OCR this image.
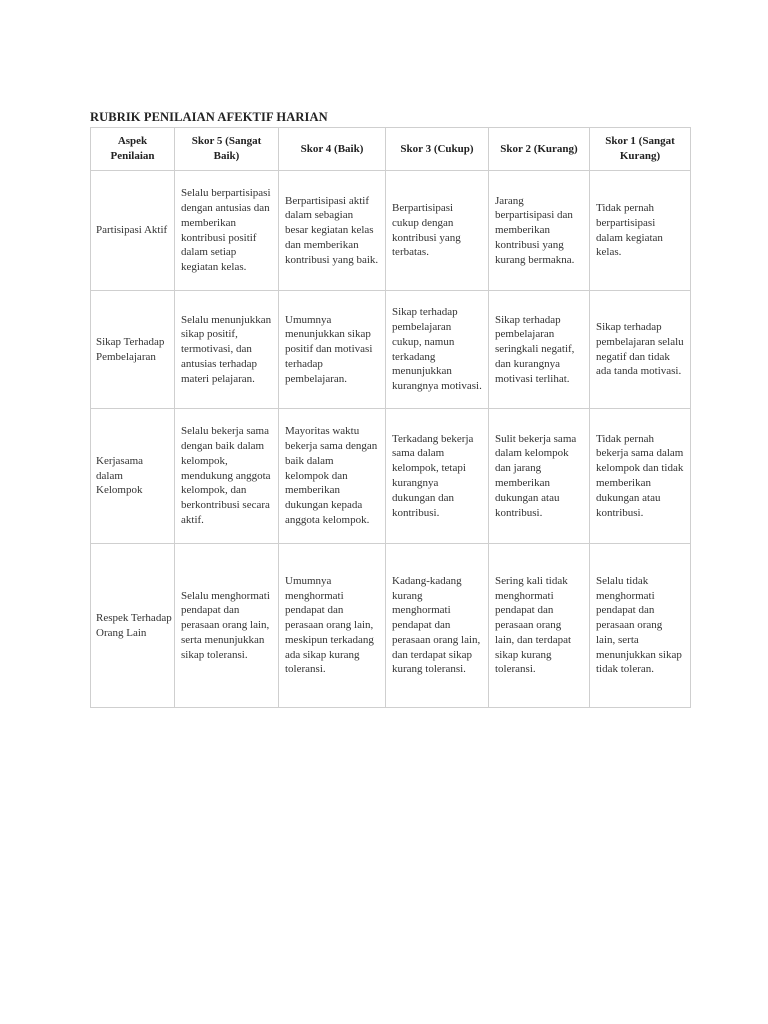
RUBRIK PENILAIAN AFEKTIF HARIAN
Aspek Penilaian	Skor 5 (Sangat Baik)	Skor 4 (Baik)	Skor 3 (Cukup)	Skor 2 (Kurang)	Skor 1 (Sangat Kurang)
Partisipasi Aktif	Selalu berpartisipasi dengan antusias dan memberikan kontribusi positif dalam setiap kegiatan kelas.	Berpartisipasi aktif dalam sebagian besar kegiatan kelas dan memberikan kontribusi yang baik.	Berpartisipasi cukup dengan kontribusi yang terbatas.	Jarang berpartisipasi dan memberikan kontribusi yang kurang bermakna.	Tidak pernah berpartisipasi dalam kegiatan kelas.
Sikap Terhadap Pembelajaran	Selalu menunjukkan sikap positif, termotivasi, dan antusias terhadap materi pelajaran.	Umumnya menunjukkan sikap positif dan motivasi terhadap pembelajaran.	Sikap terhadap pembelajaran cukup, namun terkadang menunjukkan kurangnya motivasi.	Sikap terhadap pembelajaran seringkali negatif, dan kurangnya motivasi terlihat.	Sikap terhadap pembelajaran selalu negatif dan tidak ada tanda motivasi.
Kerjasama dalam Kelompok	Selalu bekerja sama dengan baik dalam kelompok, mendukung anggota kelompok, dan berkontribusi secara aktif.	Mayoritas waktu bekerja sama dengan baik dalam kelompok dan memberikan dukungan kepada anggota kelompok.	Terkadang bekerja sama dalam kelompok, tetapi kurangnya dukungan dan kontribusi.	Sulit bekerja sama dalam kelompok dan jarang memberikan dukungan atau kontribusi.	Tidak pernah bekerja sama dalam kelompok dan tidak memberikan dukungan atau kontribusi.
Respek Terhadap Orang Lain	Selalu menghormati pendapat dan perasaan orang lain, serta menunjukkan sikap toleransi.	Umumnya menghormati pendapat dan perasaan orang lain, meskipun terkadang ada sikap kurang toleransi.	Kadang-kadang kurang menghormati pendapat dan perasaan orang lain, dan terdapat sikap kurang toleransi.	Sering kali tidak menghormati pendapat dan perasaan orang lain, dan terdapat sikap kurang toleransi.	Selalu tidak menghormati pendapat dan perasaan orang lain, serta menunjukkan sikap tidak toleran.
